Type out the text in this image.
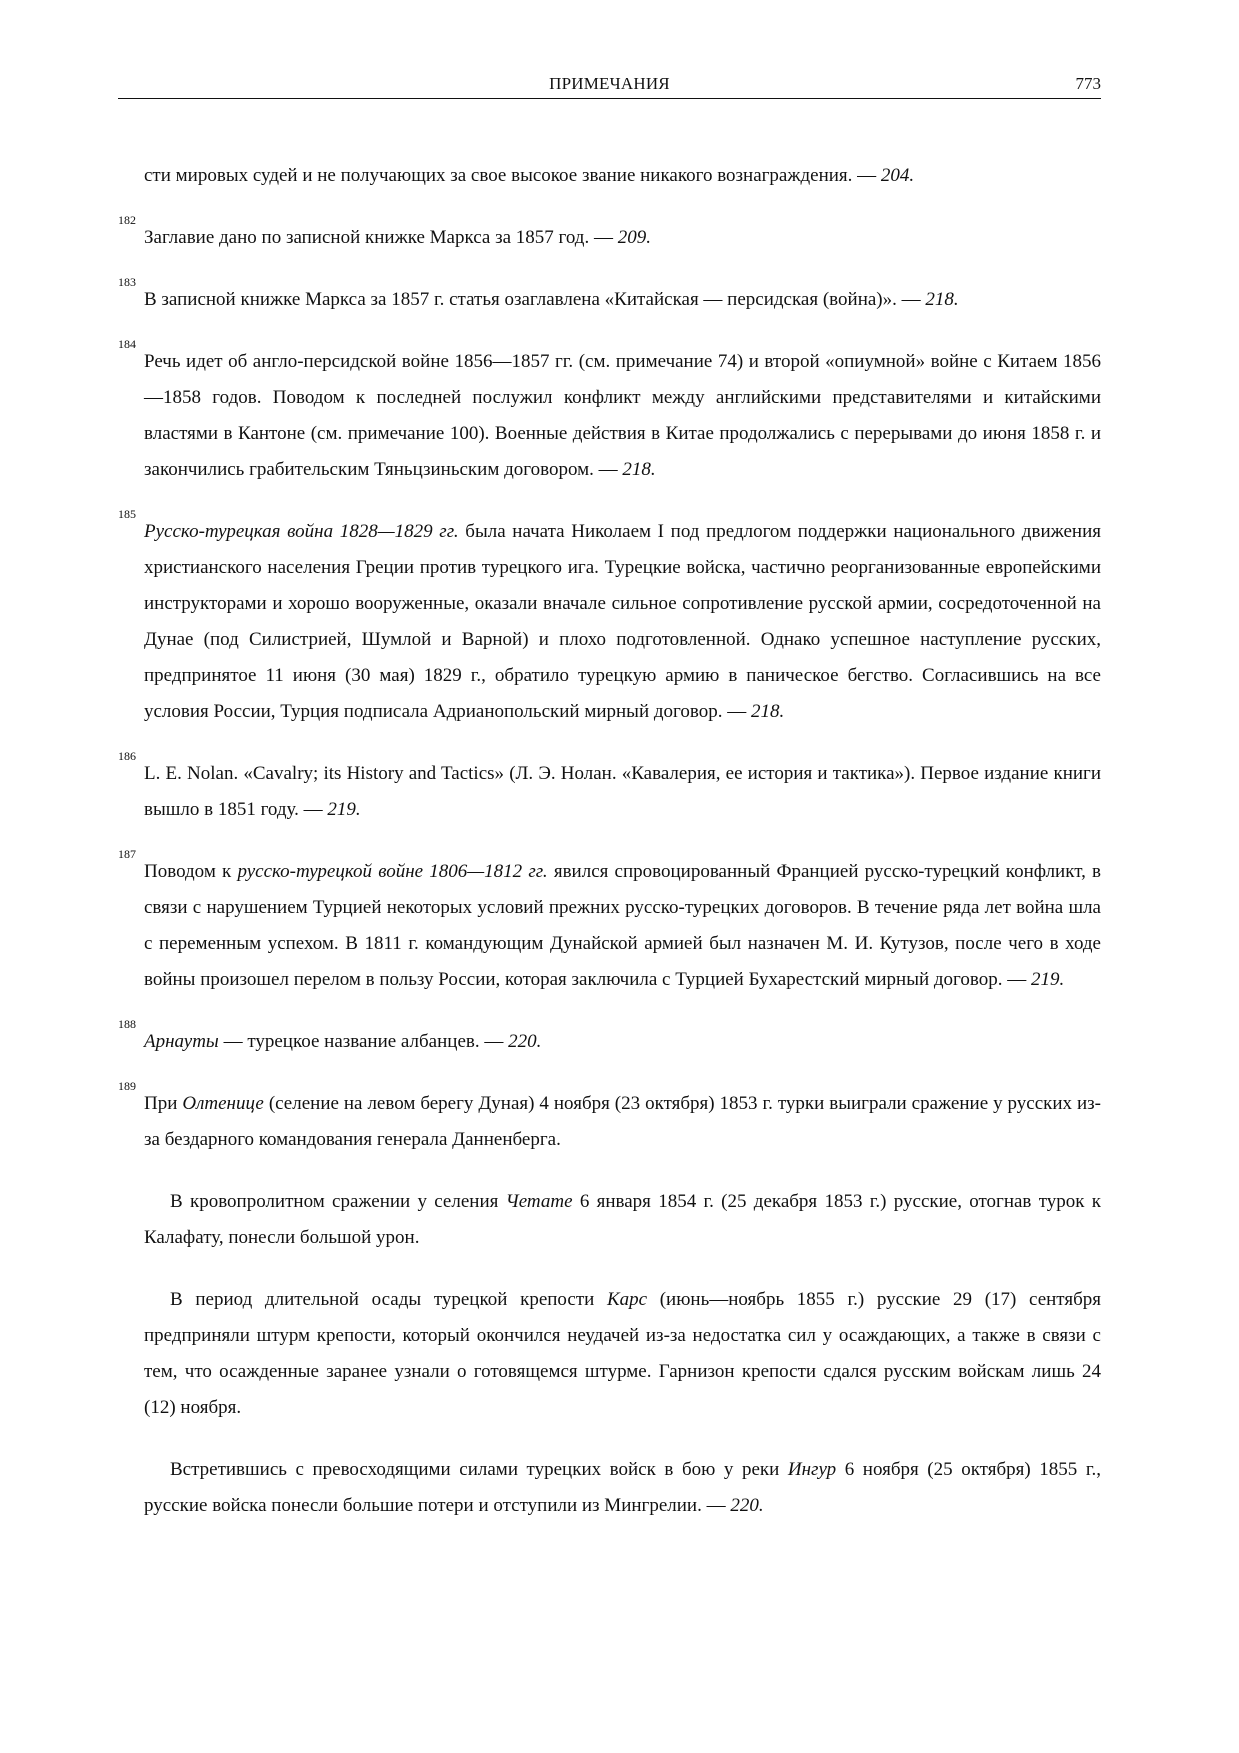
ПРИМЕЧАНИЯ	773

сти мировых судей и не получающих за свое высокое звание никакого вознаграждения. — 204.

182
Заглавие дано по записной книжке Маркса за 1857 год. — 209.

183
В записной книжке Маркса за 1857 г. статья озаглавлена «Китайская — персидская (война)». — 218.

184
Речь идет об англо-персидской войне 1856—1857 гг. (см. примечание 74) и второй «опиумной» войне с Китаем 1856—1858 годов. Поводом к последней послужил конфликт между английскими представителями и китайскими властями в Кантоне (см. примечание 100). Военные действия в Китае продолжались с перерывами до июня 1858 г. и закончились грабительским Тяньцзиньским договором. — 218.

185
Русско-турецкая война 1828—1829 гг. была начата Николаем I под предлогом поддержки национального движения христианского населения Греции против турецкого ига. Турецкие войска, частично реорганизованные европейскими инструкторами и хорошо вооруженные, оказали вначале сильное сопротивление русской армии, сосредоточенной на Дунае (под Силистрией, Шумлой и Варной) и плохо подготовленной. Однако успешное наступление русских, предпринятое 11 июня (30 мая) 1829 г., обратило турецкую армию в паническое бегство. Согласившись на все условия России, Турция подписала Адрианопольский мирный договор. — 218.

186
L. E. Nolan. «Cavalry; its History and Tactics» (Л. Э. Нолан. «Кавалерия, ее история и тактика»). Первое издание книги вышло в 1851 году. — 219.

187
Поводом к русско-турецкой войне 1806—1812 гг. явился спровоцированный Францией русско-турецкий конфликт, в связи с нарушением Турцией некоторых условий прежних русско-турецких договоров. В течение ряда лет война шла с переменным успехом. В 1811 г. командующим Дунайской армией был назначен М. И. Кутузов, после чего в ходе войны произошел перелом в пользу России, которая заключила с Турцией Бухарестский мирный договор. — 219.

188
Арнауты — турецкое название албанцев. — 220.

189
При Олтенице (селение на левом берегу Дуная) 4 ноября (23 октября) 1853 г. турки выиграли сражение у русских из-за бездарного командования генерала Данненберга.

В кровопролитном сражении у селения Четате 6 января 1854 г. (25 декабря 1853 г.) русские, отогнав турок к Калафату, понесли большой урон.

В период длительной осады турецкой крепости Карс (июнь—ноябрь 1855 г.) русские 29 (17) сентября предприняли штурм крепости, который окончился неудачей из-за недостатка сил у осаждающих, а также в связи с тем, что осажденные заранее узнали о готовящемся штурме. Гарнизон крепости сдался русским войскам лишь 24 (12) ноября.

Встретившись с превосходящими силами турецких войск в бою у реки Ингур 6 ноября (25 октября) 1855 г., русские войска понесли большие потери и отступили из Мингрелии. — 220.
